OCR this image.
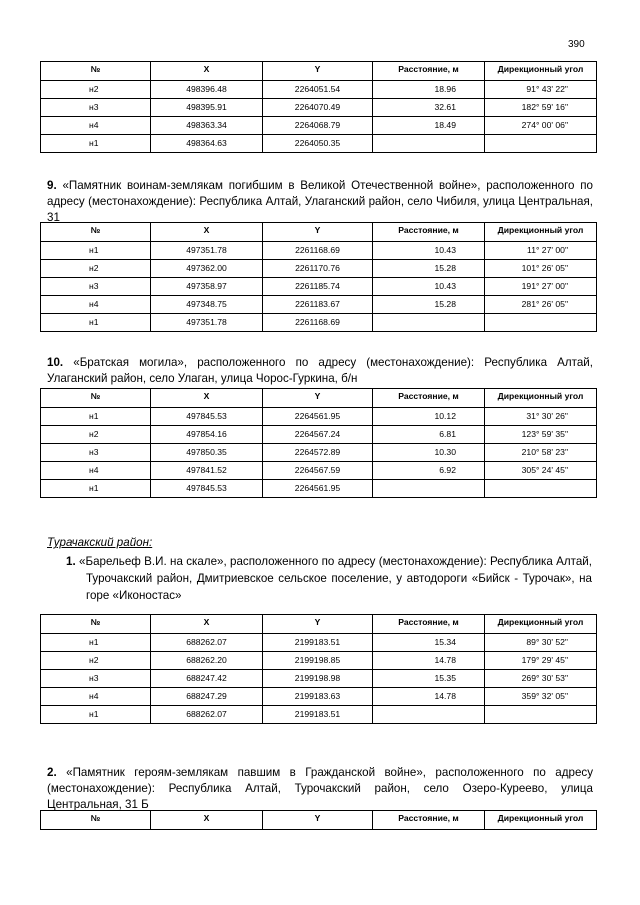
390
№	X	Y	Расстояние, м	Дирекционный угол
н2	498396.48	2264051.54	18.96	91° 43' 22"
н3	498395.91	2264070.49	32.61	182° 59' 16"
н4	498363.34	2264068.79	18.49	274° 00' 06"
н1	498364.63	2264050.35		
9. «Памятник воинам-землякам погибшим в Великой Отечественной войне», расположенного по адресу (местонахождение): Республика Алтай, Улаганский район, село Чибиля, улица Центральная, 31
№	X	Y	Расстояние, м	Дирекционный угол
н1	497351.78	2261168.69	10.43	11° 27' 00"
н2	497362.00	2261170.76	15.28	101° 26' 05"
н3	497358.97	2261185.74	10.43	191° 27' 00"
н4	497348.75	2261183.67	15.28	281° 26' 05"
н1	497351.78	2261168.69		
10. «Братская могила», расположенного по адресу (местонахождение): Республика Алтай, Улаганский район, село Улаган, улица Чорос-Гуркина, б/н
№	X	Y	Расстояние, м	Дирекционный угол
н1	497845.53	2264561.95	10.12	31° 30' 26"
н2	497854.16	2264567.24	6.81	123° 59' 35"
н3	497850.35	2264572.89	10.30	210° 58' 23"
н4	497841.52	2264567.59	6.92	305° 24' 45"
н1	497845.53	2264561.95		
Турачакский район:
1. «Барельеф В.И. на скале», расположенного по адресу (местонахождение): Республика Алтай, Турочакский район, Дмитриевское сельское поселение, у автодороги «Бийск - Турочак», на горе «Иконостас»
№	X	Y	Расстояние, м	Дирекционный угол
н1	688262.07	2199183.51	15.34	89° 30' 52"
н2	688262.20	2199198.85	14.78	179° 29' 45"
н3	688247.42	2199198.98	15.35	269° 30' 53"
н4	688247.29	2199183.63	14.78	359° 32' 05"
н1	688262.07	2199183.51		
2. «Памятник героям-землякам павшим в Гражданской войне», расположенного по адресу (местонахождение): Республика Алтай, Турочакский район, село Озеро-Куреево, улица Центральная, 31 Б
№	X	Y	Расстояние, м	Дирекционный угол
